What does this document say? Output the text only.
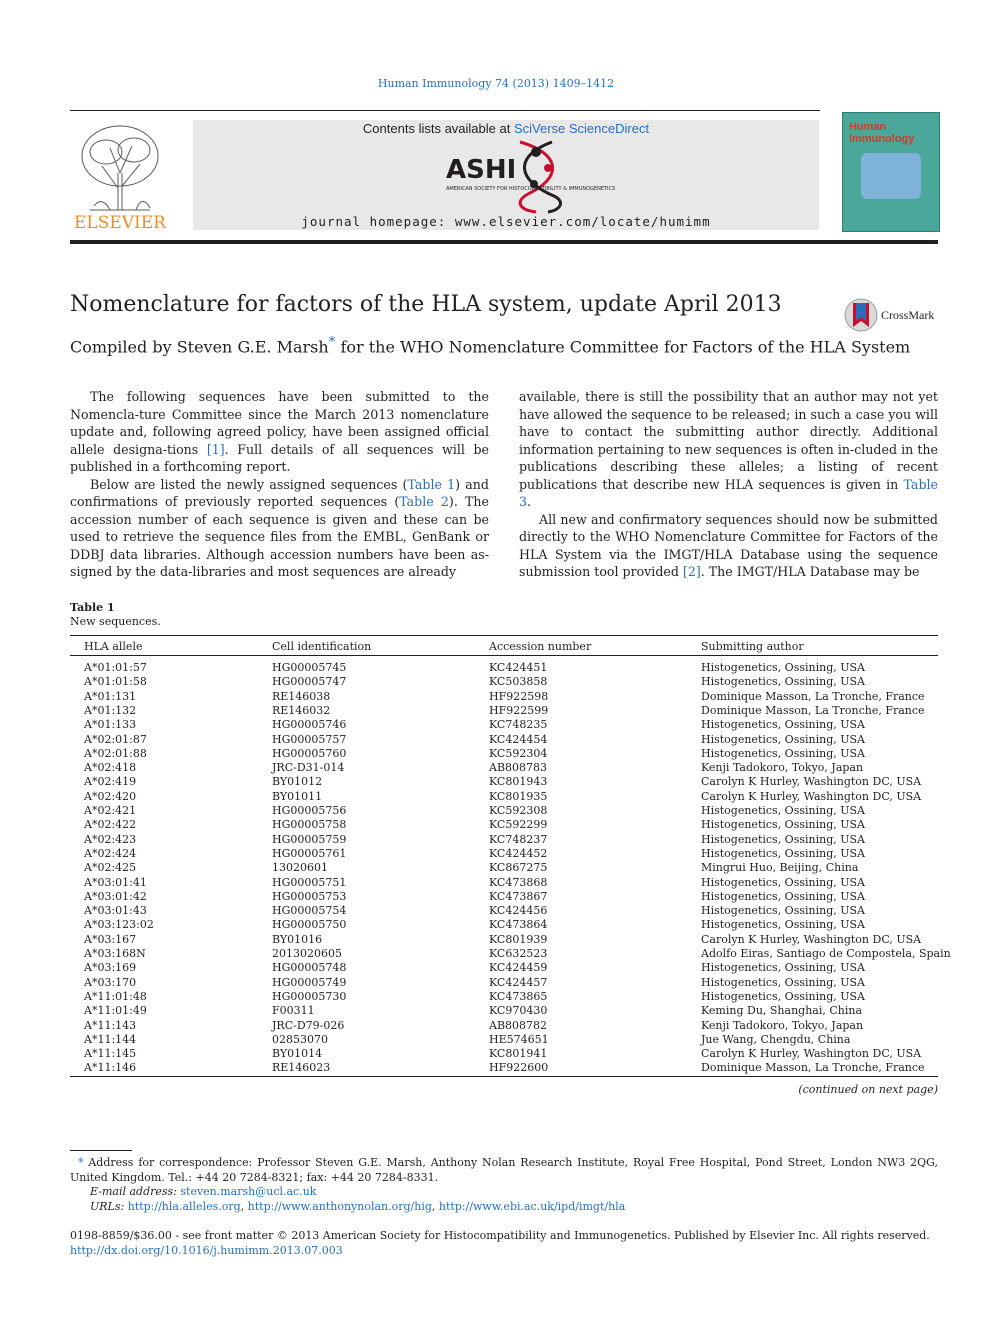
Human Immunology 74 (2013) 1409–1412
ELSEVIER
Contents lists available at SciVerse ScienceDirect
ASHI
AMERICAN SOCIETY FOR HISTOCOMPATIBILITY & IMMUNOGENETICS
journal homepage: www.elsevier.com/locate/humimm
Human Immunology
Nomenclature for factors of the HLA system, update April 2013	CrossMark
Compiled by Steven G.E. Marsh* for the WHO Nomenclature Committee for Factors of the HLA System

The following sequences have been submitted to the Nomencla-ture Committee since the March 2013 nomenclature update and, following agreed policy, have been assigned official allele designa-tions [1]. Full details of all sequences will be published in a forthcoming report.

Below are listed the newly assigned sequences (Table 1) and confirmations of previously reported sequences (Table 2). The accession number of each sequence is given and these can be used to retrieve the sequence files from the EMBL, GenBank or DDBJ data libraries. Although accession numbers have been as-signed by the data-libraries and most sequences are already

available, there is still the possibility that an author may not yet have allowed the sequence to be released; in such a case you will have to contact the submitting author directly. Additional information pertaining to new sequences is often in-cluded in the publications describing these alleles; a listing of recent publications that describe new HLA sequences is given in Table 3.

All new and confirmatory sequences should now be submitted directly to the WHO Nomenclature Committee for Factors of the HLA System via the IMGT/HLA Database using the sequence submission tool provided [2]. The IMGT/HLA Database may be

Table 1
New sequences.
HLA allele	Cell identification	Accession number	Submitting author
A*01:01:57	HG00005745	KC424451	Histogenetics, Ossining, USA
A*01:01:58	HG00005747	KC503858	Histogenetics, Ossining, USA
A*01:131	RE146038	HF922598	Dominique Masson, La Tronche, France
A*01:132	RE146032	HF922599	Dominique Masson, La Tronche, France
A*01:133	HG00005746	KC748235	Histogenetics, Ossining, USA
A*02:01:87	HG00005757	KC424454	Histogenetics, Ossining, USA
A*02:01:88	HG00005760	KC592304	Histogenetics, Ossining, USA
A*02:418	JRC-D31-014	AB808783	Kenji Tadokoro, Tokyo, Japan
A*02:419	BY01012	KC801943	Carolyn K Hurley, Washington DC, USA
A*02:420	BY01011	KC801935	Carolyn K Hurley, Washington DC, USA
A*02:421	HG00005756	KC592308	Histogenetics, Ossining, USA
A*02:422	HG00005758	KC592299	Histogenetics, Ossining, USA
A*02:423	HG00005759	KC748237	Histogenetics, Ossining, USA
A*02:424	HG00005761	KC424452	Histogenetics, Ossining, USA
A*02:425	13020601	KC867275	Mingrui Huo, Beijing, China
A*03:01:41	HG00005751	KC473868	Histogenetics, Ossining, USA
A*03:01:42	HG00005753	KC473867	Histogenetics, Ossining, USA
A*03:01:43	HG00005754	KC424456	Histogenetics, Ossining, USA
A*03:123:02	HG00005750	KC473864	Histogenetics, Ossining, USA
A*03:167	BY01016	KC801939	Carolyn K Hurley, Washington DC, USA
A*03:168N	2013020605	KC632523	Adolfo Eiras, Santiago de Compostela, Spain
A*03:169	HG00005748	KC424459	Histogenetics, Ossining, USA
A*03:170	HG00005749	KC424457	Histogenetics, Ossining, USA
A*11:01:48	HG00005730	KC473865	Histogenetics, Ossining, USA
A*11:01:49	F00311	KC970430	Keming Du, Shanghai, China
A*11:143	JRC-D79-026	AB808782	Kenji Tadokoro, Tokyo, Japan
A*11:144	02853070	HE574651	Jue Wang, Chengdu, China
A*11:145	BY01014	KC801941	Carolyn K Hurley, Washington DC, USA
A*11:146	RE146023	HF922600	Dominique Masson, La Tronche, France
(continued on next page)
* Address for correspondence: Professor Steven G.E. Marsh, Anthony Nolan Research Institute, Royal Free Hospital, Pond Street, London NW3 2QG, United Kingdom. Tel.: +44 20 7284-8321; fax: +44 20 7284-8331.
E-mail address: steven.marsh@ucl.ac.uk
URLs: http://hla.alleles.org, http://www.anthonynolan.org/hig, http://www.ebi.ac.uk/ipd/imgt/hla
0198-8859/$36.00 - see front matter © 2013 American Society for Histocompatibility and Immunogenetics. Published by Elsevier Inc. All rights reserved.
http://dx.doi.org/10.1016/j.humimm.2013.07.003
